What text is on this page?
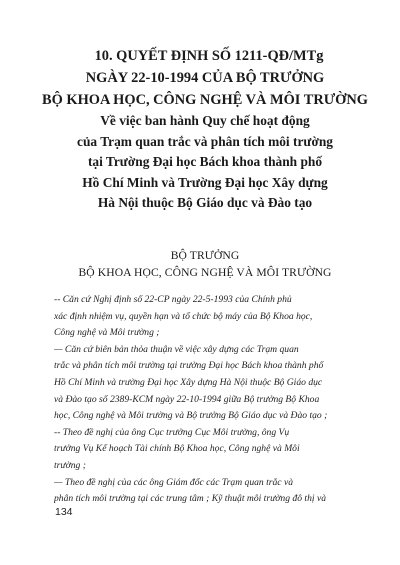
10. QUYẾT ĐỊNH SỐ 1211-QĐ/MTg
NGÀY 22-10-1994 CỦA BỘ TRƯỞNG
BỘ KHOA HỌC, CÔNG NGHỆ VÀ MÔI TRƯỜNG
Về việc ban hành Quy chế hoạt động
của Trạm quan trắc và phân tích môi trường
tại Trường Đại học Bách khoa thành phố
Hồ Chí Minh và Trường Đại học Xây dựng
Hà Nội thuộc Bộ Giáo dục và Đào tạo
BỘ TRƯỞNG
BỘ KHOA HỌC, CÔNG NGHỆ VÀ MÔI TRƯỜNG
-- Căn cứ Nghị định số 22-CP ngày 22-5-1993 của Chính phủ
xác định nhiệm vụ, quyền hạn và tổ chức bộ máy của Bộ Khoa học,
Công nghệ và Môi trường ;
— Căn cứ biên bản thỏa thuận về việc xây dựng các Trạm quan
trắc và phân tích môi trường tại trường Đại học Bách khoa thành phố
Hồ Chí Minh và trường Đại học Xây dựng Hà Nội thuộc Bộ Giáo dục
và Đào tạo số 2389-KCM ngày 22-10-1994 giữa Bộ trưởng Bộ Khoa
học, Công nghệ và Môi trường và Bộ trưởng Bộ Giáo dục và Đào tạo ;
-- Theo đề nghị của ông Cục trưởng Cục Môi trường, ông Vụ
trưởng Vụ Kế hoạch Tài chính Bộ Khoa học, Công nghệ và Môi
trường ;
— Theo đề nghị của các ông Giám đốc các Trạm quan trắc và
phân tích môi trường tại các trung tâm ; Kỹ thuật môi trường đô thị và
134
